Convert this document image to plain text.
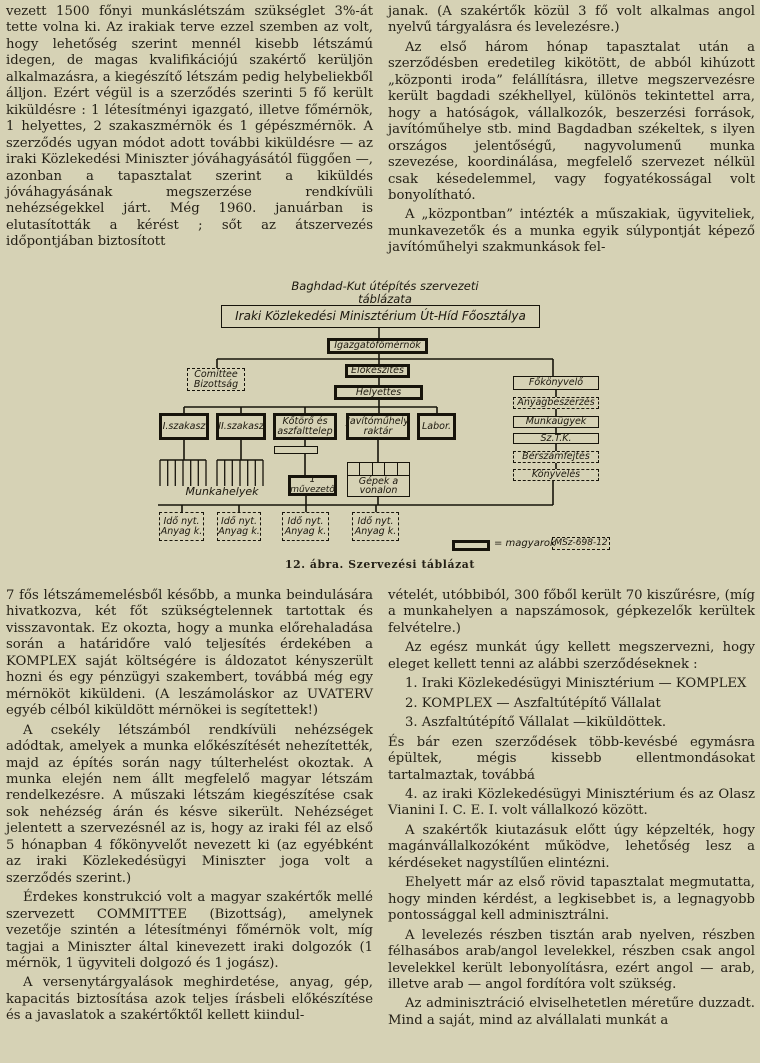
vezett 1500 főnyi munkáslétszám szükséglet 3%-át tette volna ki. Az irakiak terve ezzel szemben az volt, hogy lehetőség szerint mennél kisebb létszámú idegen, de magas kvalifikációjú szakértő kerüljön alkalmazásra, a kiegészítő létszám pedig helybeliekből álljon. Ezért végül is a szerződés szerinti 5 fő került kiküldésre : 1 létesítményi igazgató, illetve főmérnök, 1 helyettes, 2 szakaszmérnök és 1 gépészmérnök. A szerződés ugyan módot adott további kiküldésre — az iraki Közlekedési Miniszter jóváhagyásától függően —, azonban a tapasztalat szerint a kiküldés jóváhagyásának megszerzése rendkívüli nehézségekkel járt. Még 1960. januárban is elutasították a kérést ; sőt az átszervezés időpontjában biztosított

janak. (A szakértők közül 3 fő volt alkalmas angol nyelvű tárgyalásra és levelezésre.)

Az első három hónap tapasztalat után a szerződésben eredetileg kikötött, de abból kihúzott „központi iroda” felállításra, illetve megszervezésre került bagdadi székhellyel, különös tekintettel arra, hogy a hatóságok, vállalkozók, beszerzési források, javítóműhelye stb. mind Bagdadban székeltek, s ilyen országos jelentőségű, nagyvolumenű munka szevezése, koordinálása, megfelelő szervezet nélkül csak késedelemmel, vagy fogyatékosságal volt bonyolítható.

A „központban” intézték a műszakiak, ügyviteliek, munkavezetők és a munka egyik súlypontját képező javítóműhelyi szakmunkások fel-

Baghdad-Kut útépítés szervezeti
táblázata
Iraki Közlekedési Minisztérium Út-Híd Főosztálya
Igazgatófőmérnök
Comittee
Bizottság
Előkészítés
Helyettes
Főkönyvelő
Anyagbeszerzés
Munkaügyek
Sz.T.K.
Bérszámfejtés
Könyvelés
I.szakasz	II.szakasz Kőtörő és
aszfalttelep
Javítóműhely
raktár	Labor.
Munkahelyek
1 művezető
Gépek a
vonalon
Idő nyt.
Anyag k.
Idő nyt.
Anyag k.
Idő nyt.
Anyag k.
Idő nyt.
Anyag k.
= magyarok
MSz-698-12
12. ábra. Szervezési táblázat

7 fős létszámemelésből később, a munka beindulására hivatkozva, két főt szükségtelennek tartottak és visszavontak. Ez okozta, hogy a munka előrehaladása során a határidőre való teljesítés érdekében a KOMPLEX saját költségére is áldozatot kényszerült hozni és egy pénzügyi szakembert, továbbá még egy mérnököt kiküldeni. (A leszámoláskor az UVATERV egyéb célból kiküldött mérnökei is segítettek!)

A csekély létszámból rendkívüli nehézségek adódtak, amelyek a munka előkészítését nehezítették, majd az építés során nagy túlterhelést okoztak. A munka elején nem állt megfelelő magyar létszám rendelkezésre. A műszaki létszám kiegészítése csak sok nehézség árán és késve sikerült. Nehézséget jelentett a szervezésnél az is, hogy az iraki fél az első 5 hónapban 4 főkönyvelőt nevezett ki (az egyébként az iraki Közlekedésügyi Miniszter joga volt a szerződés szerint.)

Érdekes konstrukció volt a magyar szakértők mellé szervezett COMMITTEE (Bizottság), amelynek vezetője szintén a létesítményi főmérnök volt, míg tagjai a Miniszter által kinevezett iraki dolgozók (1 mérnök, 1 ügyviteli dolgozó és 1 jogász).

A versenytárgyalások meghirdetése, anyag, gép, kapacitás biztosítása azok teljes írásbeli előkészítése és a javaslatok a szakértőktől kellett kiindul-

vételét, utóbbiból, 300 főből került 70 kiszűrésre, (míg a munkahelyen a napszámosok, gépkezelők kerültek felvételre.)

Az egész munkát úgy kellett megszervezni, hogy eleget kellett tenni az alábbi szerződéseknek :

1. Iraki Közlekedésügyi Minisztérium — KOMPLEX

2. KOMPLEX — Aszfaltútépítő Vállalat

3. Aszfaltútépítő Vállalat —kiküldöttek.

És bár ezen szerződések több-kevésbé egymásra épültek, mégis kissebb ellentmondásokat tartalmaztak, továbbá

4. az iraki Közlekedésügyi Minisztérium és az Olasz Vianini I. C. E. I. volt vállalkozó között.

A szakértők kiutazásuk előtt úgy képzelték, hogy magánvállalkozóként működve, lehetőség lesz a kérdéseket nagystílűen elintézni.

Ehelyett már az első rövid tapasztalat megmutatta, hogy minden kérdést, a legkisebbet is, a legnagyobb pontossággal kell adminisztrálni.

A levelezés részben tisztán arab nyelven, részben félhasábos arab/angol levelekkel, részben csak angol levelekkel került lebonyolításra, ezért angol — arab, illetve arab — angol fordítóra volt szükség.

Az adminisztráció elviselhetetlen méretűre duzzadt. Mind a saját, mind az alvállalati munkát a
